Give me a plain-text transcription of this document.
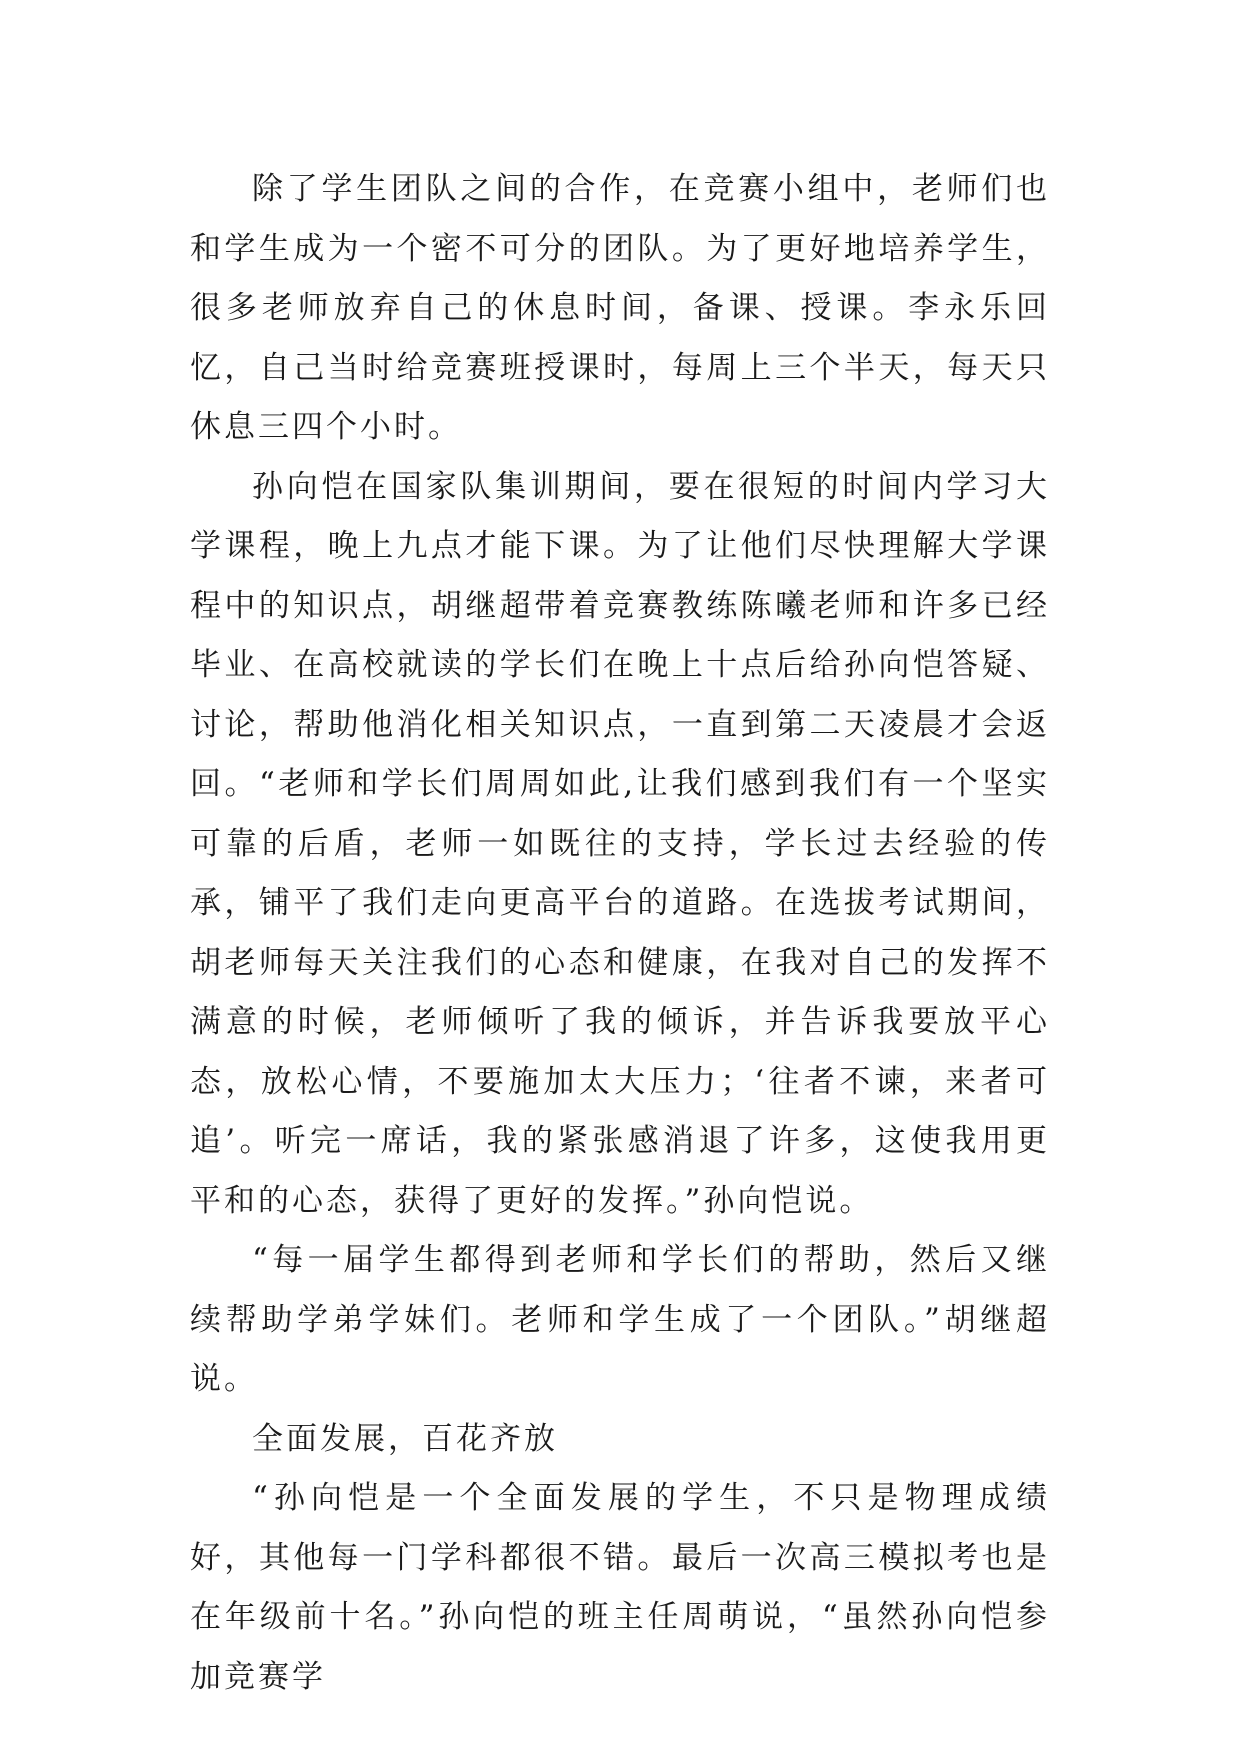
除了学生团队之间的合作，在竞赛小组中，老师们也和学生成为一个密不可分的团队。为了更好地培养学生，很多老师放弃自己的休息时间，备课、授课。李永乐回忆，自己当时给竞赛班授课时，每周上三个半天，每天只休息三四个小时。

孙向恺在国家队集训期间，要在很短的时间内学习大学课程，晚上九点才能下课。为了让他们尽快理解大学课程中的知识点，胡继超带着竞赛教练陈曦老师和许多已经毕业、在高校就读的学长们在晚上十点后给孙向恺答疑、讨论，帮助他消化相关知识点，一直到第二天凌晨才会返回。“老师和学长们周周如此,让我们感到我们有一个坚实可靠的后盾，老师一如既往的支持，学长过去经验的传承，铺平了我们走向更高平台的道路。在选拔考试期间，胡老师每天关注我们的心态和健康，在我对自己的发挥不满意的时候，老师倾听了我的倾诉，并告诉我要放平心态，放松心情，不要施加太大压力；‘往者不谏，来者可追’。听完一席话，我的紧张感消退了许多，这使我用更平和的心态，获得了更好的发挥。”孙向恺说。

“每一届学生都得到老师和学长们的帮助，然后又继续帮助学弟学妹们。老师和学生成了一个团队。”胡继超说。

全面发展，百花齐放

“孙向恺是一个全面发展的学生，不只是物理成绩好，其他每一门学科都很不错。最后一次高三模拟考也是在年级前十名。”孙向恺的班主任周萌说，“虽然孙向恺参加竞赛学
